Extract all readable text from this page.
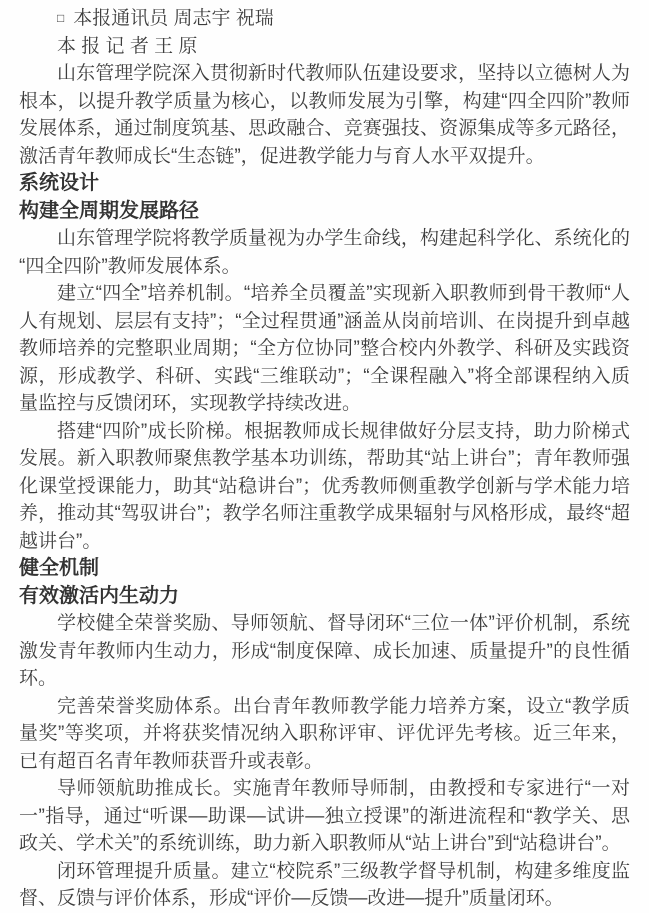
□ 本报通讯员 周志宇 祝瑞

本 报 记 者 王 原

山东管理学院深入贯彻新时代教师队伍建设要求，坚持以立德树人为根本，以提升教学质量为核心，以教师发展为引擎，构建“四全四阶”教师发展体系，通过制度筑基、思政融合、竞赛强技、资源集成等多元路径，激活青年教师成长“生态链”，促进教学能力与育人水平双提升。

系统设计

构建全周期发展路径

山东管理学院将教学质量视为办学生命线，构建起科学化、系统化的“四全四阶”教师发展体系。

建立“四全”培养机制。“培养全员覆盖”实现新入职教师到骨干教师“人人有规划、层层有支持”；“全过程贯通”涵盖从岗前培训、在岗提升到卓越教师培养的完整职业周期；“全方位协同”整合校内外教学、科研及实践资源，形成教学、科研、实践“三维联动”；“全课程融入”将全部课程纳入质量监控与反馈闭环，实现教学持续改进。

搭建“四阶”成长阶梯。根据教师成长规律做好分层支持，助力阶梯式发展。新入职教师聚焦教学基本功训练，帮助其“站上讲台”；青年教师强化课堂授课能力，助其“站稳讲台”；优秀教师侧重教学创新与学术能力培养，推动其“驾驭讲台”；教学名师注重教学成果辐射与风格形成，最终“超越讲台”。

健全机制

有效激活内生动力

学校健全荣誉奖励、导师领航、督导闭环“三位一体”评价机制，系统激发青年教师内生动力，形成“制度保障、成长加速、质量提升”的良性循环。

完善荣誉奖励体系。出台青年教师教学能力培养方案，设立“教学质量奖”等奖项，并将获奖情况纳入职称评审、评优评先考核。近三年来，已有超百名青年教师获晋升或表彰。

导师领航助推成长。实施青年教师导师制，由教授和专家进行“一对一”指导，通过“听课—助课—试讲—独立授课”的渐进流程和“教学关、思政关、学术关”的系统训练，助力新入职教师从“站上讲台”到“站稳讲台”。

闭环管理提升质量。建立“校院系”三级教学督导机制，构建多维度监督、反馈与评价体系，形成“评价—反馈—改进—提升”质量闭环。
